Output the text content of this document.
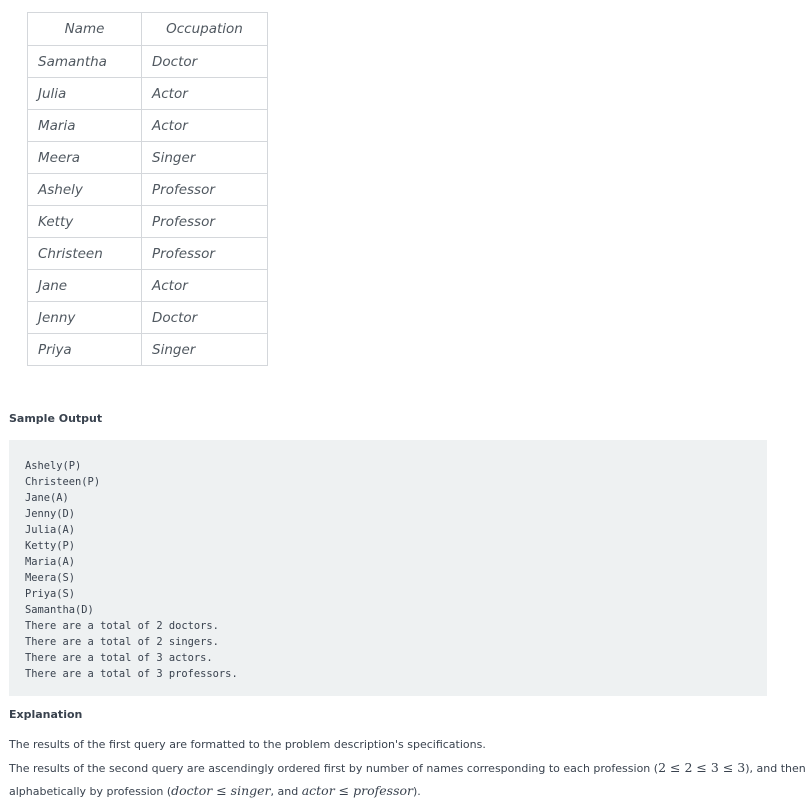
Name	Occupation
Samantha	Doctor
Julia	Actor
Maria	Actor
Meera	Singer
Ashely	Professor
Ketty	Professor
Christeen	Professor
Jane	Actor
Jenny	Doctor
Priya	Singer
Sample Output
Ashely(P)
Christeen(P)
Jane(A)
Jenny(D)
Julia(A)
Ketty(P)
Maria(A)
Meera(S)
Priya(S)
Samantha(D)
There are a total of 2 doctors.
There are a total of 2 singers.
There are a total of 3 actors.
There are a total of 3 professors.
Explanation
The results of the first query are formatted to the problem description's specifications.
The results of the second query are ascendingly ordered first by number of names corresponding to each profession (2 ≤ 2 ≤ 3 ≤ 3), and then
alphabetically by profession (doctor ≤ singer, and actor ≤ professor).
